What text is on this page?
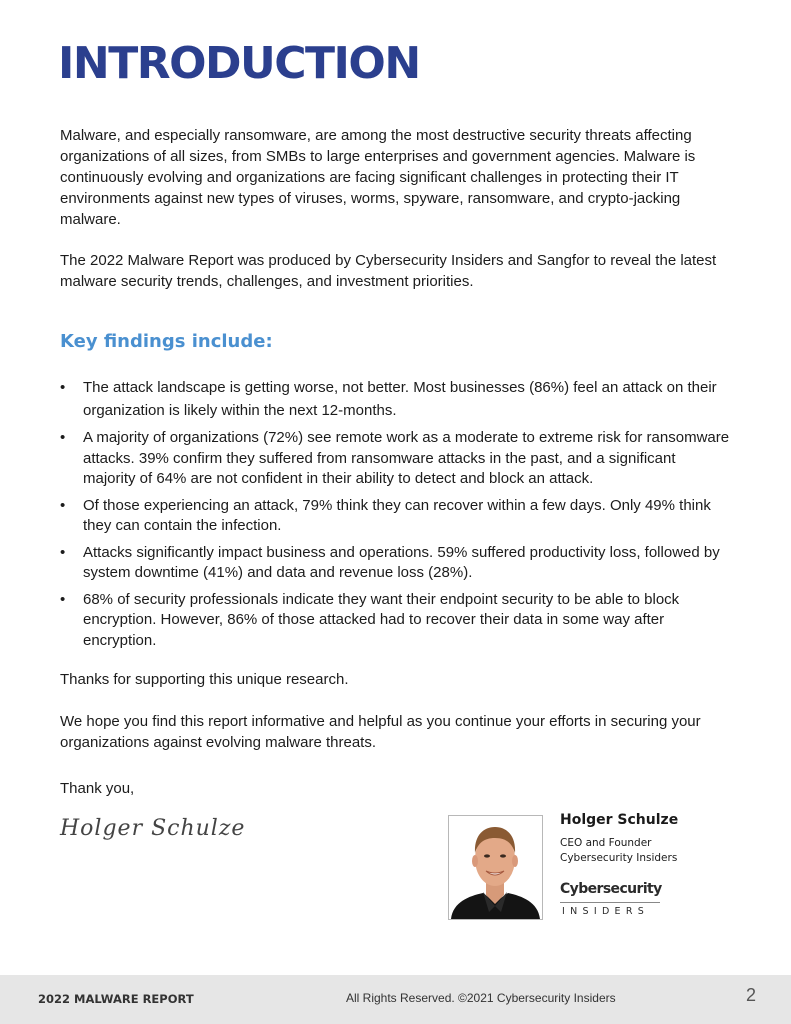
INTRODUCTION

Malware, and especially ransomware, are among the most destructive security threats affecting organizations of all sizes, from SMBs to large enterprises and government agencies. Malware is continuously evolving and organizations are facing significant challenges in protecting their IT environments against new types of viruses, worms, spyware, ransomware, and crypto-jacking malware.

The 2022 Malware Report was produced by Cybersecurity Insiders and Sangfor to reveal the latest malware security trends, challenges, and investment priorities.

Key findings include:
• The attack landscape is getting worse, not better. Most businesses (86%) feel an attack on their organization is likely within the next 12-months.
• A majority of organizations (72%) see remote work as a moderate to extreme risk for ransomware attacks. 39% confirm they suffered from ransomware attacks in the past, and a significant majority of 64% are not confident in their ability to detect and block an attack.
• Of those experiencing an attack, 79% think they can recover within a few days. Only 49% think they can contain the infection.
• Attacks significantly impact business and operations. 59% suffered productivity loss, followed by system downtime (41%) and data and revenue loss (28%).
• 68% of security professionals indicate they want their endpoint security to be able to block encryption. However, 86% of those attacked had to recover their data in some way after encryption.

Thanks for supporting this unique research.

We hope you find this report informative and helpful as you continue your efforts in securing your organizations against evolving malware threats.

Thank you,

Holger Schulze	Holger Schulze
CEO and Founder
Cybersecurity Insiders
Cybersecurity
INSIDERS
2022 MALWARE REPORT	All Rights Reserved. ©2021 Cybersecurity Insiders	2
